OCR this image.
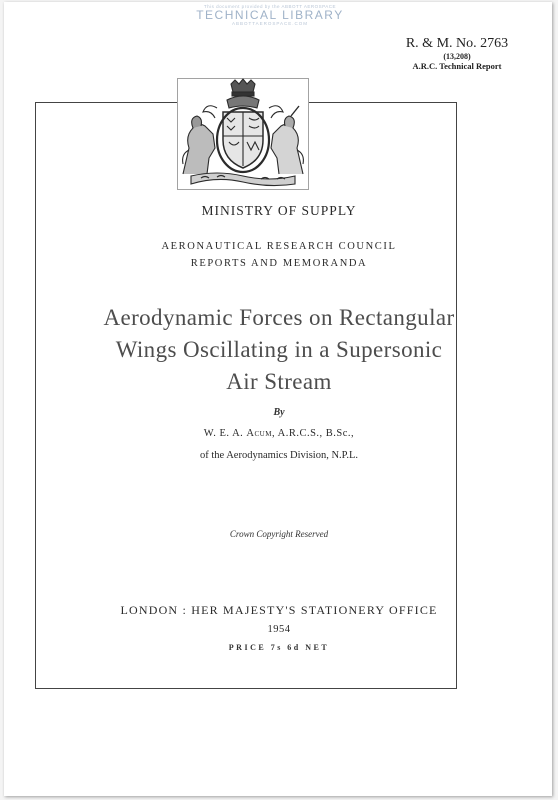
This document provided by the ABBOTT AEROSPACE
TECHNICAL LIBRARY
ABBOTTAEROSPACE.COM
R. & M. No. 2763
(13,208)
A.R.C. Technical Report
MINISTRY OF SUPPLY
AERONAUTICAL RESEARCH COUNCIL
REPORTS AND MEMORANDA
Aerodynamic Forces on Rectangular
Wings Oscillating in a Supersonic
Air Stream
By
W. E. A. Acum, A.R.C.S., B.Sc.,
of the Aerodynamics Division, N.P.L.
Crown Copyright Reserved
LONDON : HER MAJESTY'S STATIONERY OFFICE
1954
PRICE 7s 6d NET
